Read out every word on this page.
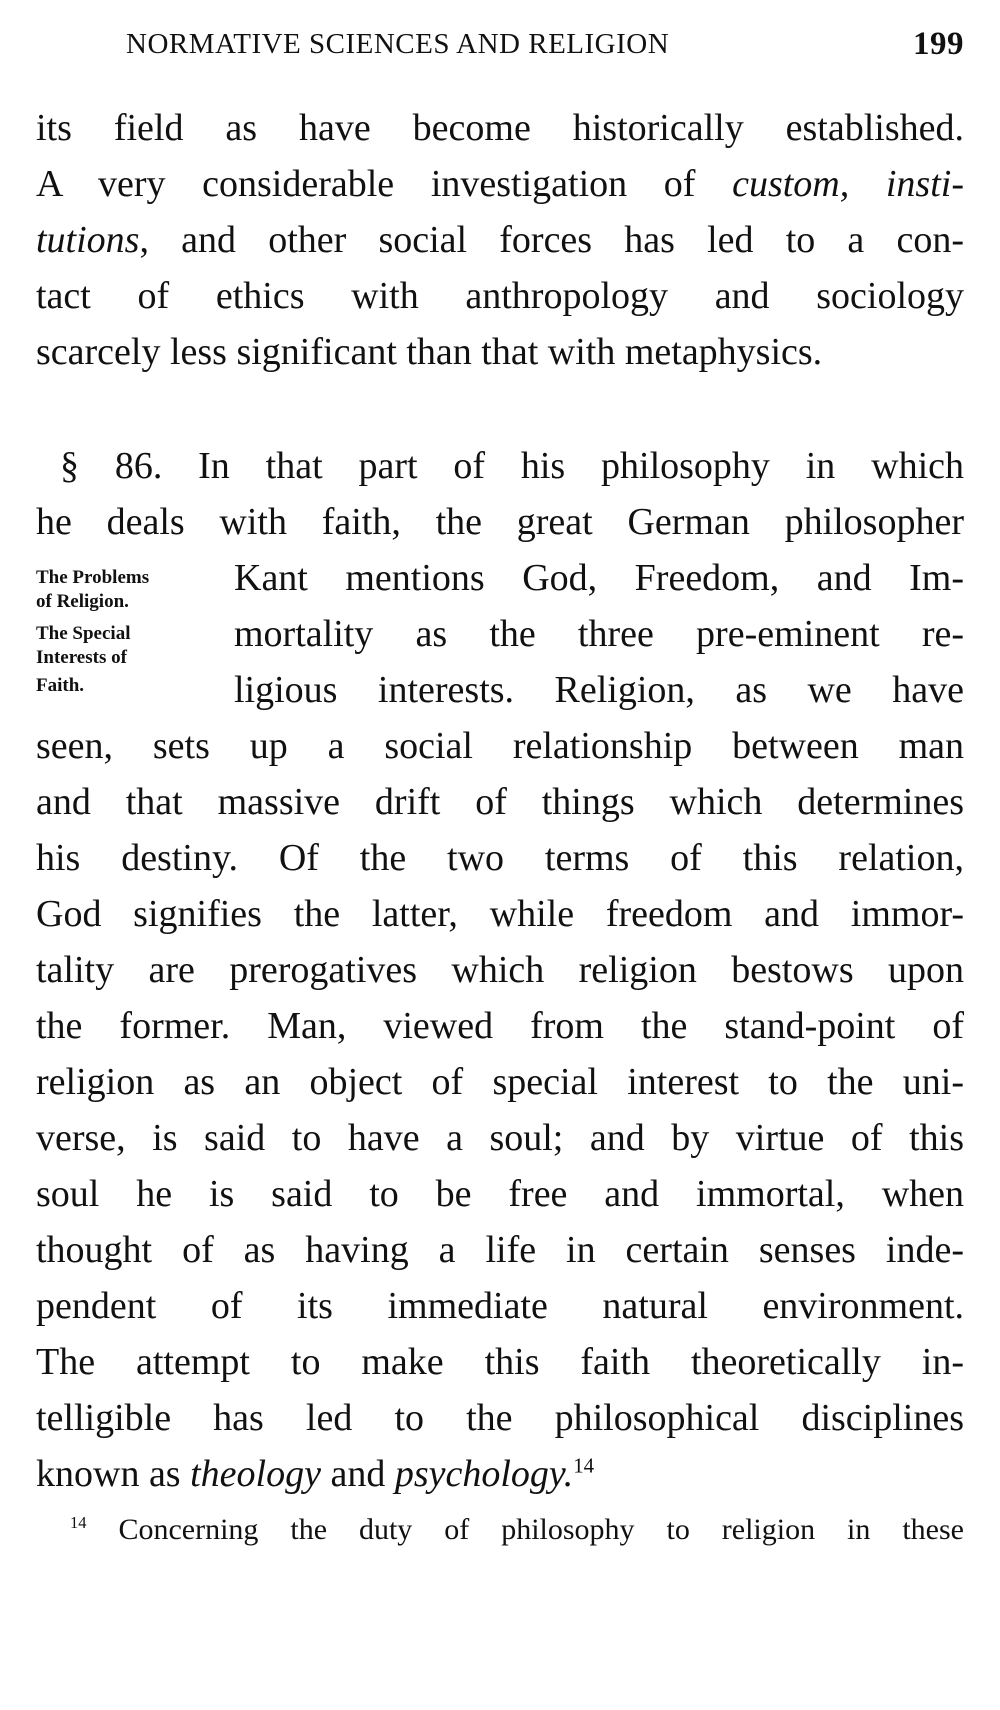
NORMATIVE SCIENCES AND RELIGION	199
its field as have become historically established.
A very considerable investigation of custom, insti-
tutions, and other social forces has led to a con-
tact of ethics with anthropology and sociology
scarcely less significant than that with metaphysics.
§ 86. In that part of his philosophy in which
he deals with faith, the great German philosopher
Kant mentions God, Freedom, and Im-
mortality as the three pre-eminent re-
ligious interests. Religion, as we have
The Problems
of Religion.
The Special
Interests of
Faith.
seen, sets up a social relationship between man
and that massive drift of things which determines
his destiny. Of the two terms of this relation,
God signifies the latter, while freedom and immor-
tality are prerogatives which religion bestows upon
the former. Man, viewed from the stand-point of
religion as an object of special interest to the uni-
verse, is said to have a soul; and by virtue of this
soul he is said to be free and immortal, when
thought of as having a life in certain senses inde-
pendent of its immediate natural environment.
The attempt to make this faith theoretically in-
telligible has led to the philosophical disciplines
known as theology and psychology.$^{14}$
$^{14}$ Concerning the duty of philosophy to religion in these
